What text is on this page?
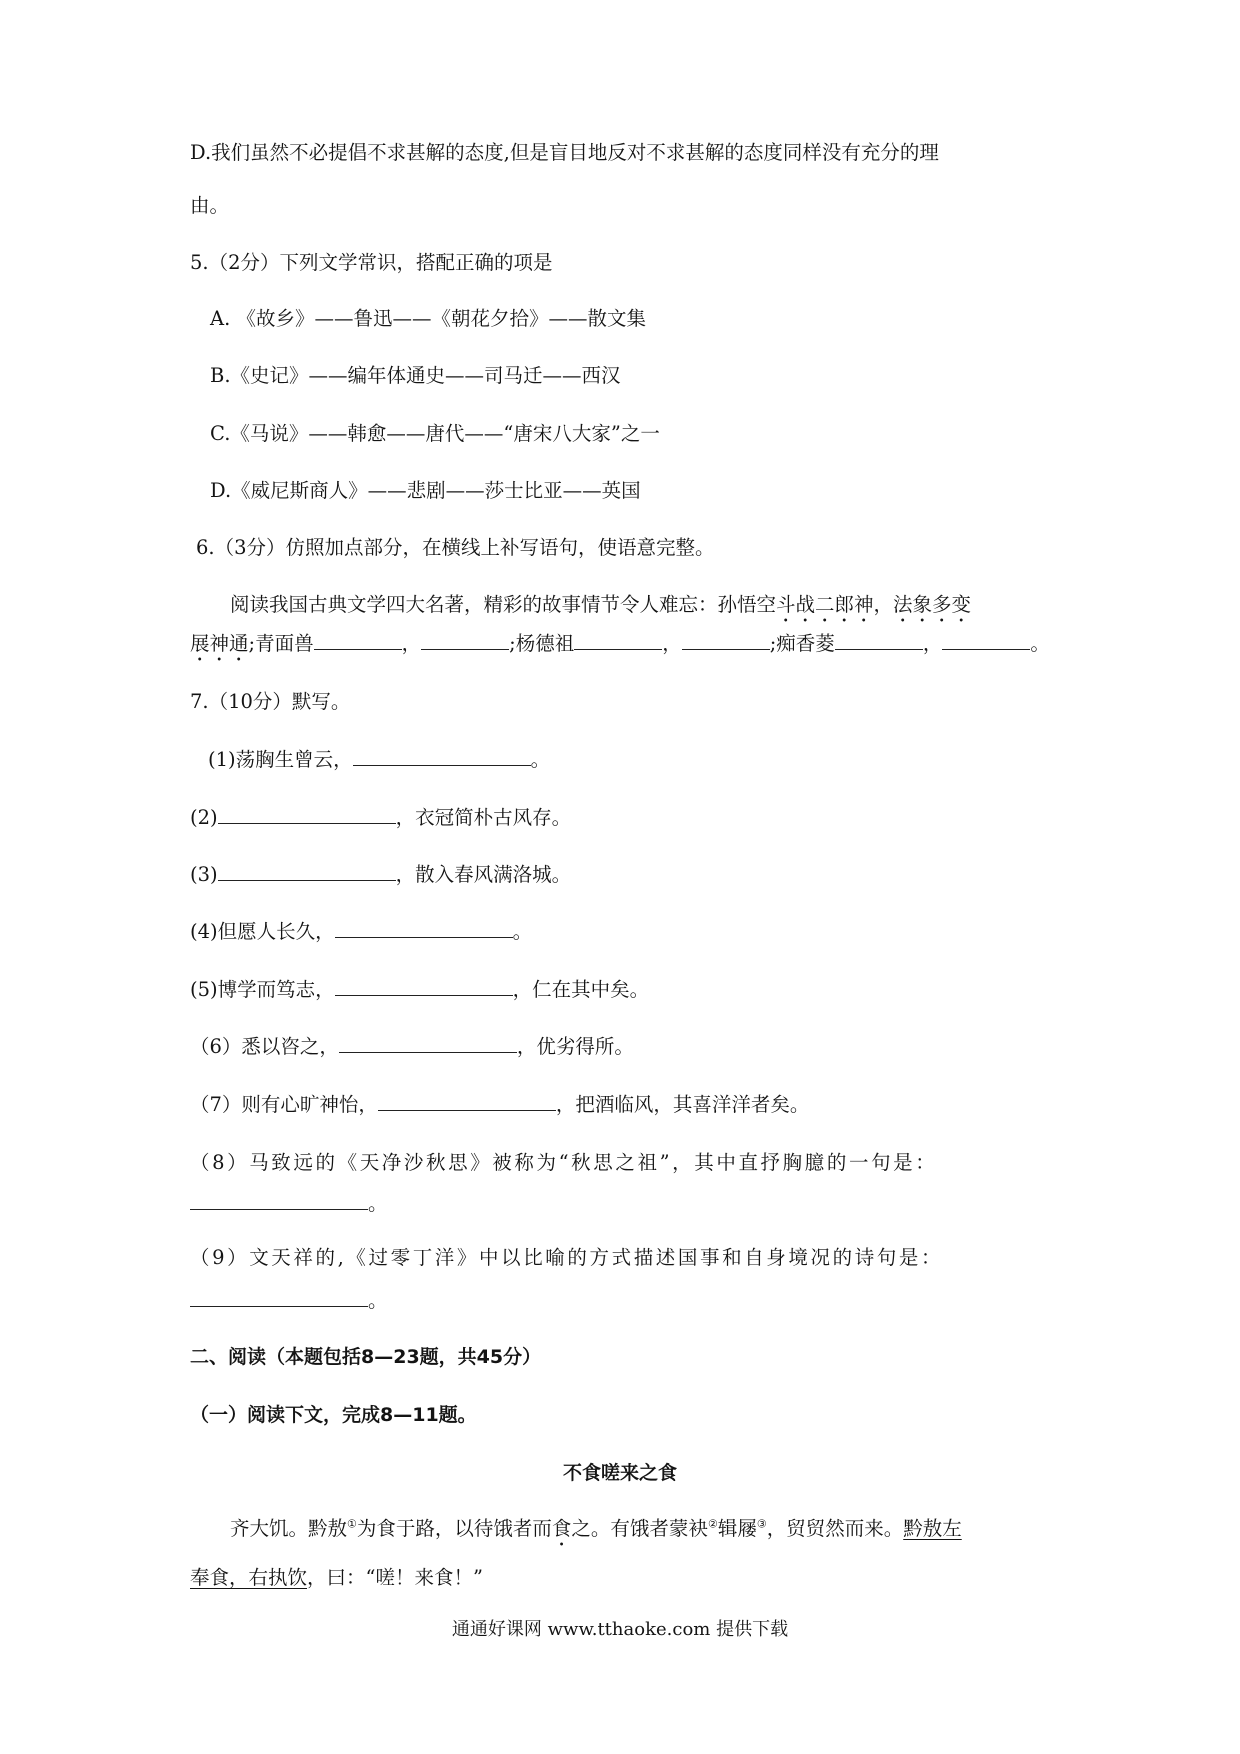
D.我们虽然不必提倡不求甚解的态度,但是盲目地反对不求甚解的态度同样没有充分的理
由。
5.（2分）下列文学常识，搭配正确的项是
A. 《故乡》——鲁迅——《朝花夕拾》——散文集
B.《史记》——编年体通史——司马迁——西汉
C.《马说》——韩愈——唐代——“唐宋八大家”之一
D.《威尼斯商人》——悲剧——莎士比亚——英国
6.（3分）仿照加点部分，在横线上补写语句，使语意完整。
阅读我国古典文学四大名著，精彩的故事情节令人难忘：孙悟空斗战二郎神，法象多变
展神通;青面兽	，	;杨德祖	，	;痴香菱	，	。
7.（10分）默写。
(1)荡胸生曾云，	。
(2)	，衣冠简朴古风存。
(3)	，散入春风满洛城。
(4)但愿人长久，	。
(5)博学而笃志，	，仁在其中矣。
（6）悉以咨之，	，优劣得所。
（7）则有心旷神怡，	，把酒临风，其喜洋洋者矣。
（8）马致远的《天净沙秋思》被称为“秋思之祖”，其中直抒胸臆的一句是：
。
（9）文天祥的,《过零丁洋》中以比喻的方式描述国事和自身境况的诗句是：
。
二、阅读（本题包括8—23题，共45分）
（一）阅读下文，完成8—11题。
不食嗟来之食
齐大饥。黔敖①为食于路，以待饿者而食之。有饿者蒙袂②辑屦③，贸贸然而来。黔敖左
奉食，右执饮，曰：“嗟！来食！”
通通好课网 www.tthaoke.com 提供下载
